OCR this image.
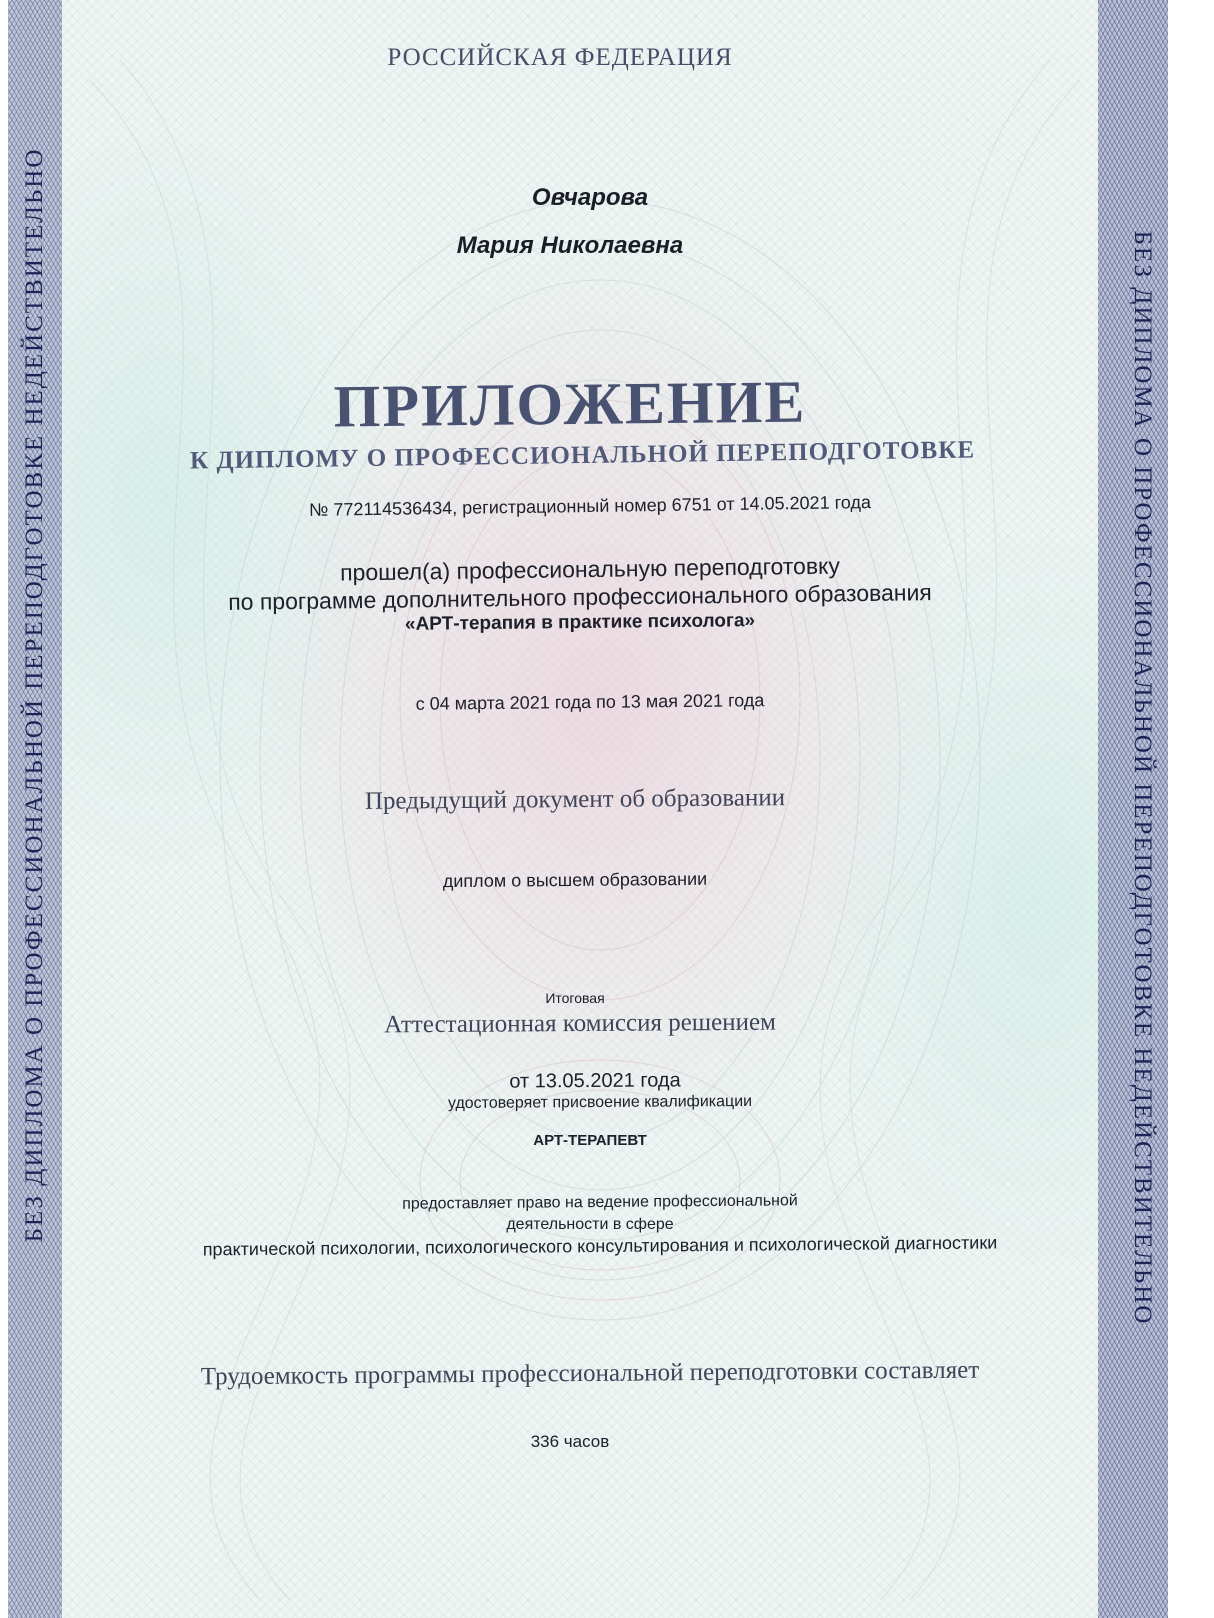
БЕЗ ДИПЛОМА О ПРОФЕССИОНАЛЬНОЙ ПЕРЕПОДГОТОВКЕ НЕДЕЙСТВИТЕЛЬНО	БЕЗ ДИПЛОМА О ПРОФЕССИОНАЛЬНОЙ ПЕРЕПОДГОТОВКЕ НЕДЕЙСТВИТЕЛЬНО
РОССИЙСКАЯ ФЕДЕРАЦИЯ
Овчарова
Мария Николаевна
ПРИЛОЖЕНИЕ
К ДИПЛОМУ О ПРОФЕССИОНАЛЬНОЙ ПЕРЕПОДГОТОВКЕ
№ 772114536434, регистрационный номер 6751 от 14.05.2021 года
прошел(а) профессиональную переподготовку
по программе дополнительного профессионального образования
«АРТ-терапия в практике психолога»
с 04 марта 2021 года по 13 мая 2021 года
Предыдущий документ об образовании
диплом о высшем образовании
Итоговая
Аттестационная комиссия решением
от 13.05.2021 года
удостоверяет присвоение квалификации
АРТ-ТЕРАПЕВТ
предоставляет право на ведение профессиональной
деятельности в сфере
практической психологии, психологического консультирования и психологической диагностики
Трудоемкость программы профессиональной переподготовки составляет
336 часов
